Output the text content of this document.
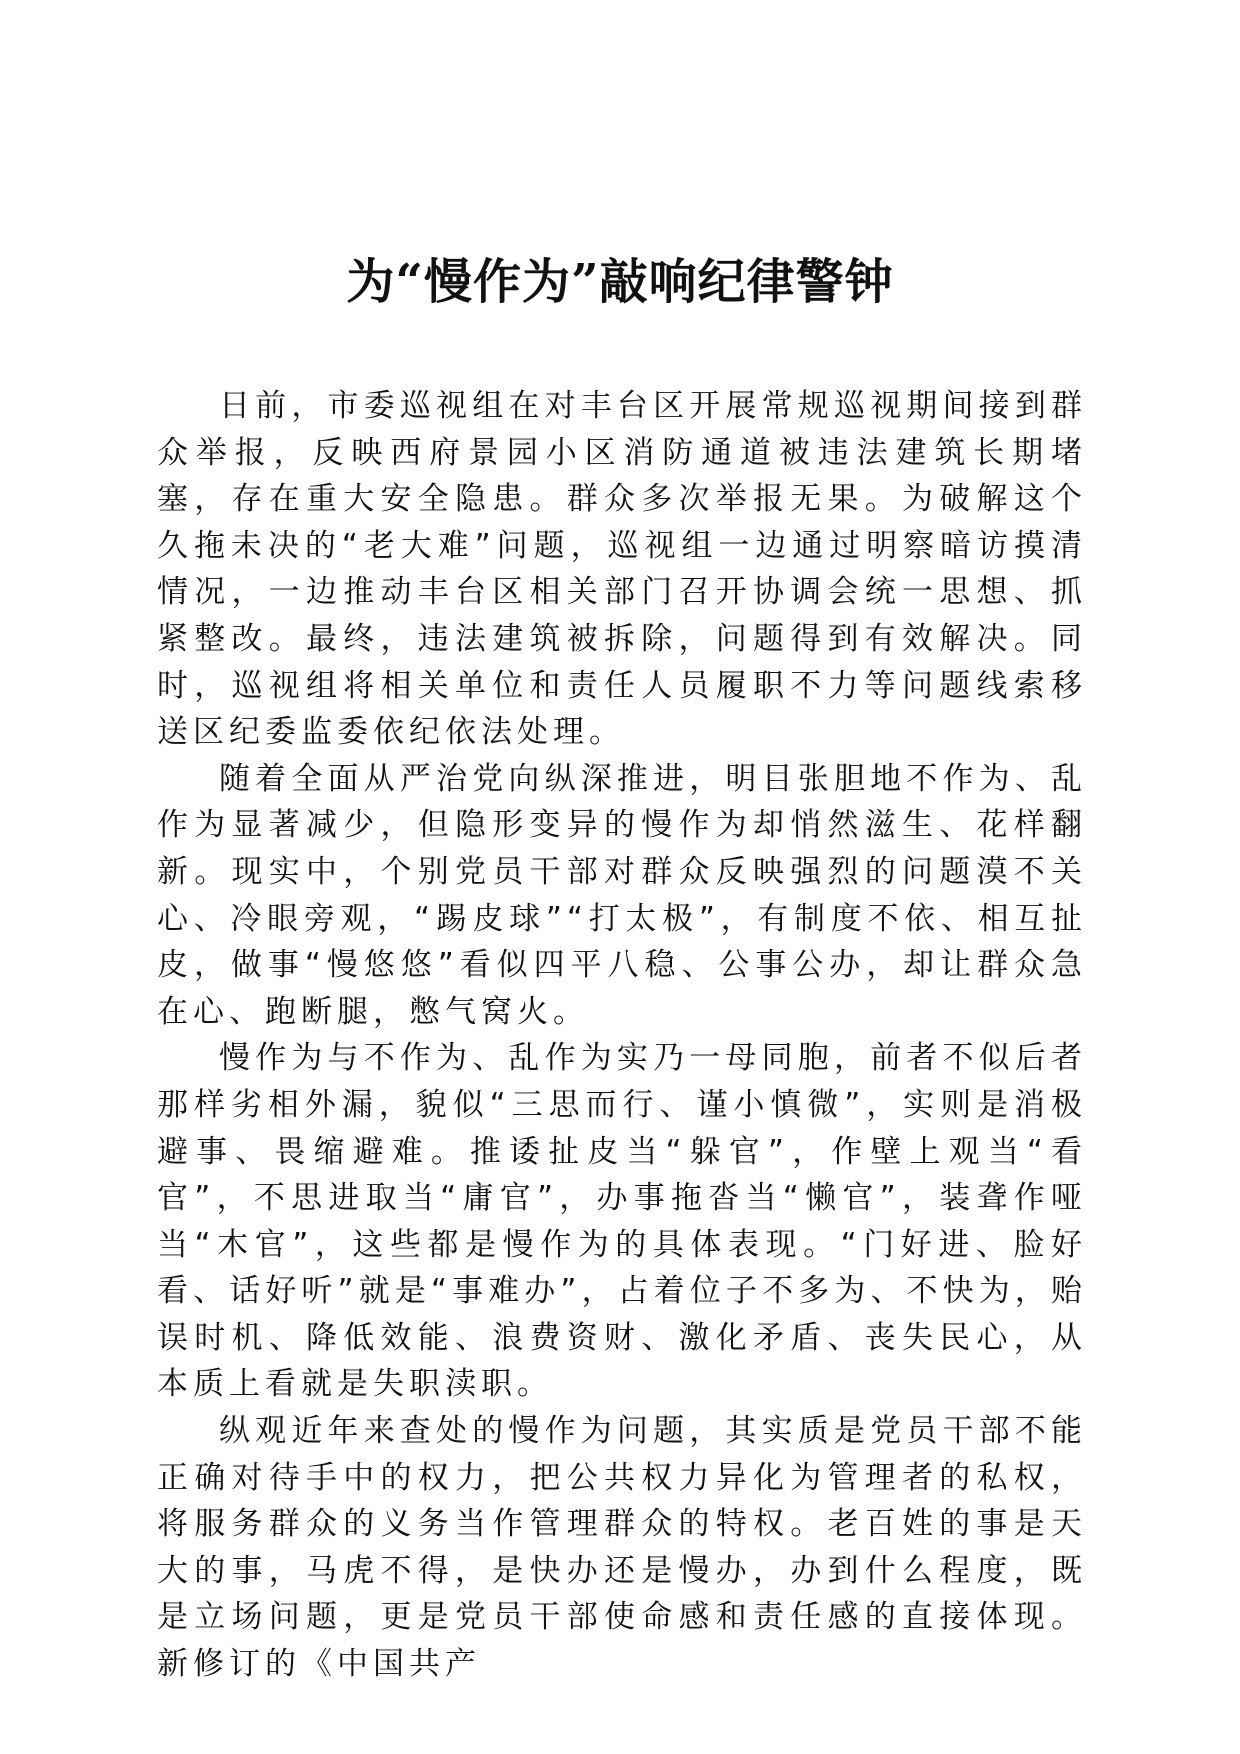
为“慢作为”敲响纪律警钟

日前，市委巡视组在对丰台区开展常规巡视期间接到群众举报，反映西府景园小区消防通道被违法建筑长期堵塞，存在重大安全隐患。群众多次举报无果。为破解这个久拖未决的“老大难”问题，巡视组一边通过明察暗访摸清情况，一边推动丰台区相关部门召开协调会统一思想、抓紧整改。最终，违法建筑被拆除，问题得到有效解决。同时，巡视组将相关单位和责任人员履职不力等问题线索移送区纪委监委依纪依法处理。

随着全面从严治党向纵深推进，明目张胆地不作为、乱作为显著减少，但隐形变异的慢作为却悄然滋生、花样翻新。现实中，个别党员干部对群众反映强烈的问题漠不关心、冷眼旁观，“踢皮球”“打太极”，有制度不依、相互扯皮，做事“慢悠悠”看似四平八稳、公事公办，却让群众急在心、跑断腿，憋气窝火。

慢作为与不作为、乱作为实乃一母同胞，前者不似后者那样劣相外漏，貌似“三思而行、谨小慎微”，实则是消极避事、畏缩避难。推诿扯皮当“躲官”，作壁上观当“看官”，不思进取当“庸官”，办事拖沓当“懒官”，装聋作哑当“木官”，这些都是慢作为的具体表现。“门好进、脸好看、话好听”就是“事难办”，占着位子不多为、不快为，贻误时机、降低效能、浪费资财、激化矛盾、丧失民心，从本质上看就是失职渎职。

纵观近年来查处的慢作为问题，其实质是党员干部不能正确对待手中的权力，把公共权力异化为管理者的私权，将服务群众的义务当作管理群众的特权。老百姓的事是天大的事，马虎不得，是快办还是慢办，办到什么程度，既是立场问题，更是党员干部使命感和责任感的直接体现。新修订的《中国共产
